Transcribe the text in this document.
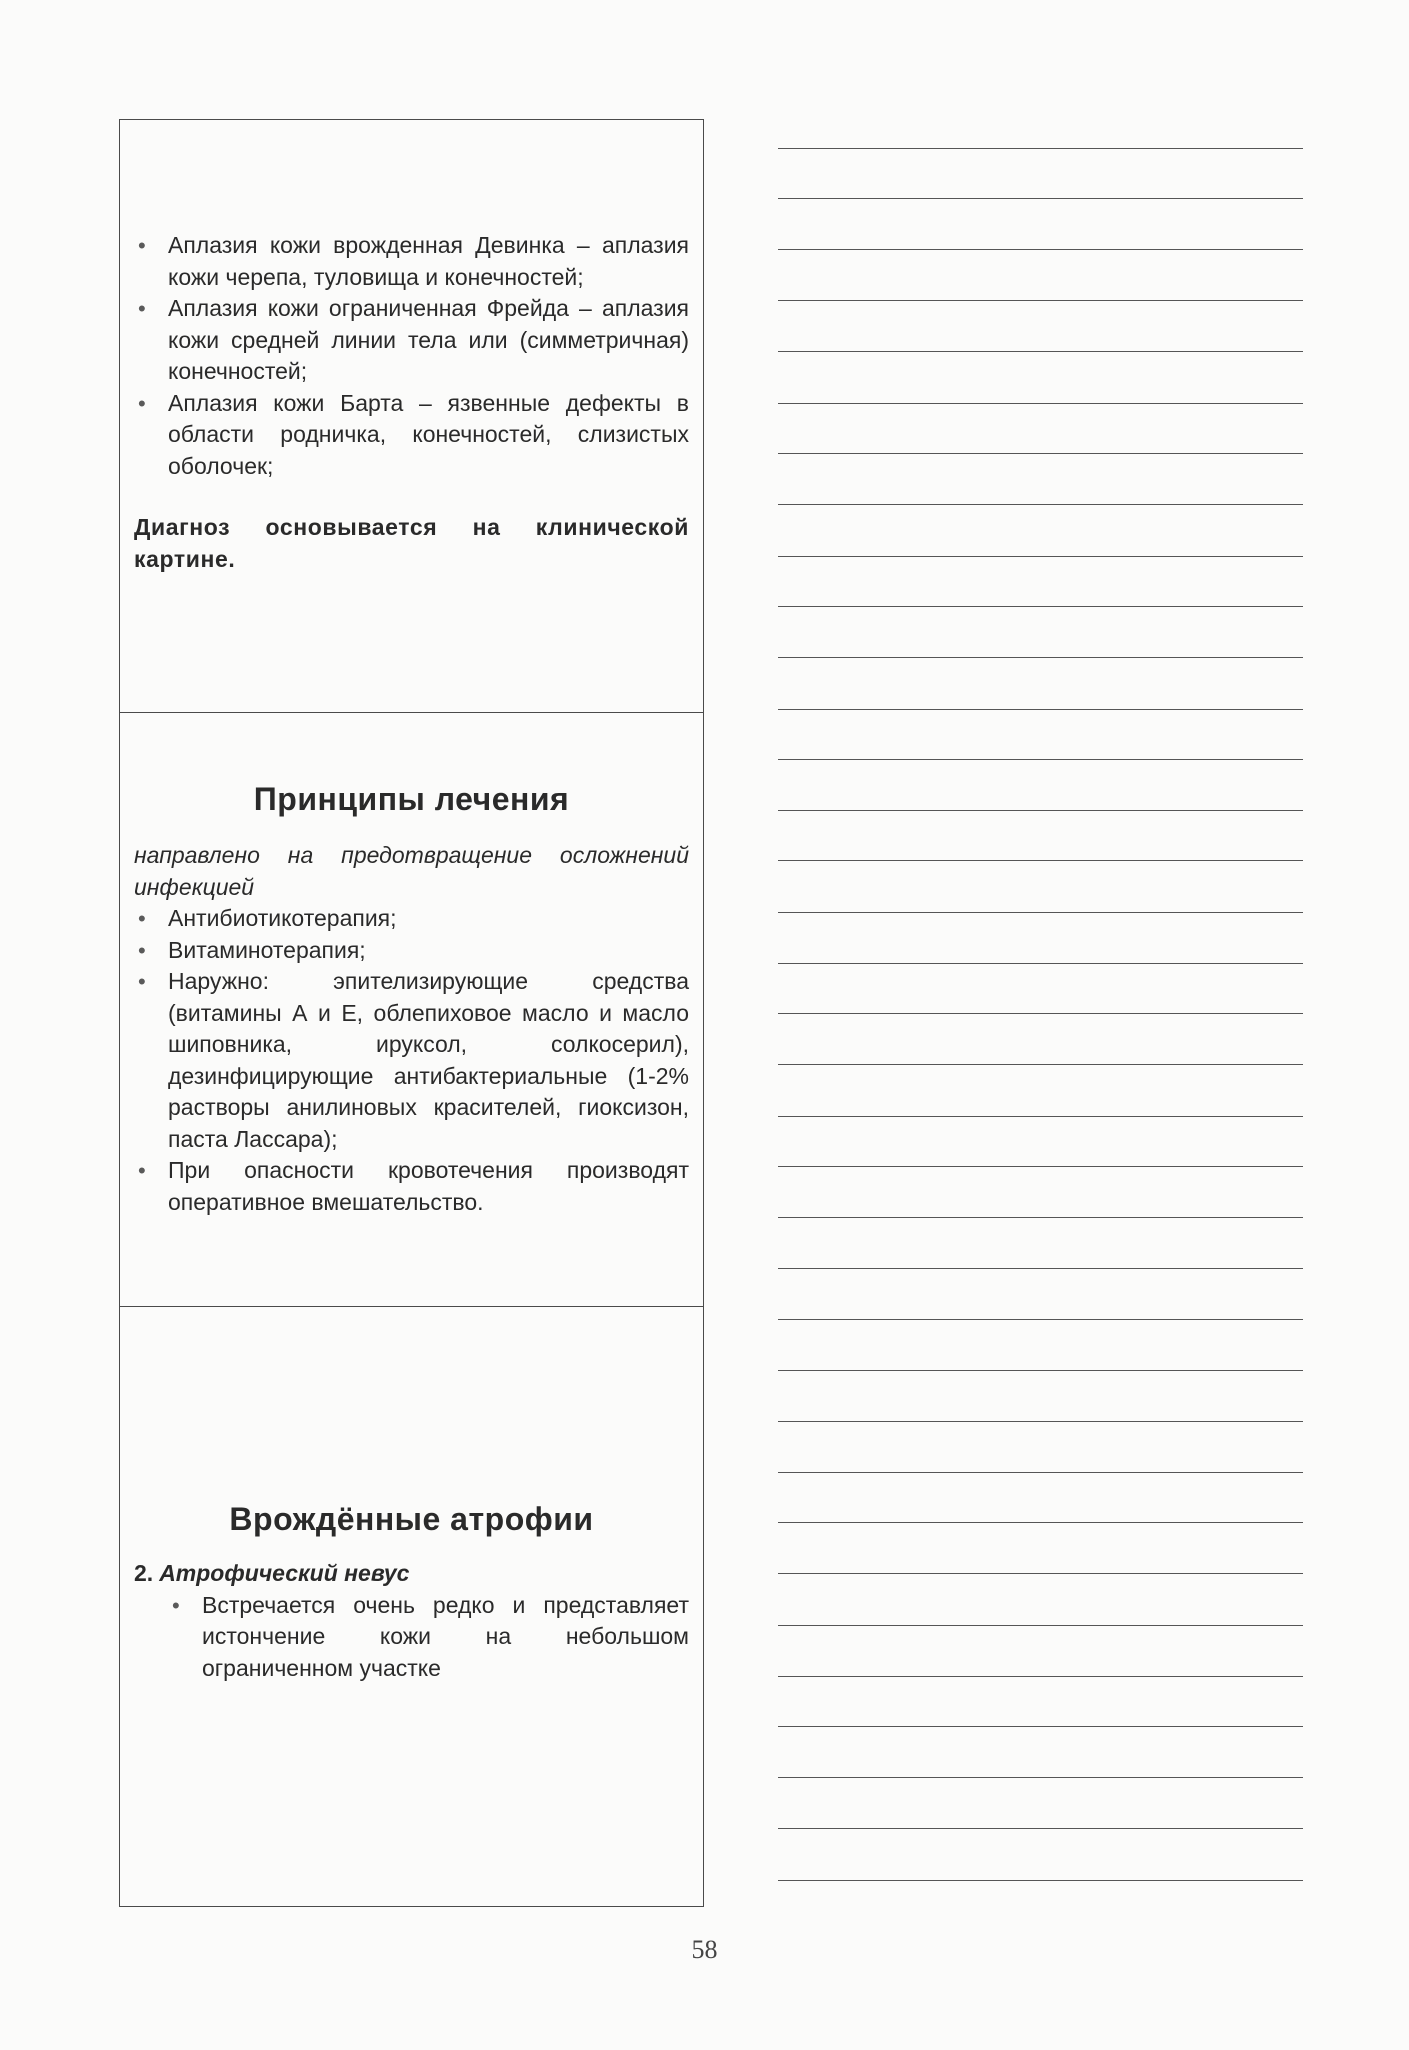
• Аплазия кожи врожденная Девинка – аплазия кожи черепа, туловища и конечностей;
• Аплазия кожи ограниченная Фрейда – аплазия кожи средней линии тела или (симметричная) конечностей;
• Аплазия кожи Барта – язвенные дефекты в области родничка, конечностей, слизистых оболочек;

Диагноз основывается на клинической картине.

Принципы лечения

направлено на предотвращение осложнений инфекцией

• Антибиотикотерапия;
• Витаминотерапия;
• Наружно: эпителизирующие средства (витамины А и Е, облепиховое масло и масло шиповника, ируксол, солкосерил), дезинфицирующие антибактериальные (1-2% растворы анилиновых красителей, гиоксизон, паста Лассара);
• При опасности кровотечения производят оперативное вмешательство.
Врождённые атрофии

2. Атрофический невус

• Встречается очень редко и представляет истончение кожи на небольшом ограниченном участке
58
